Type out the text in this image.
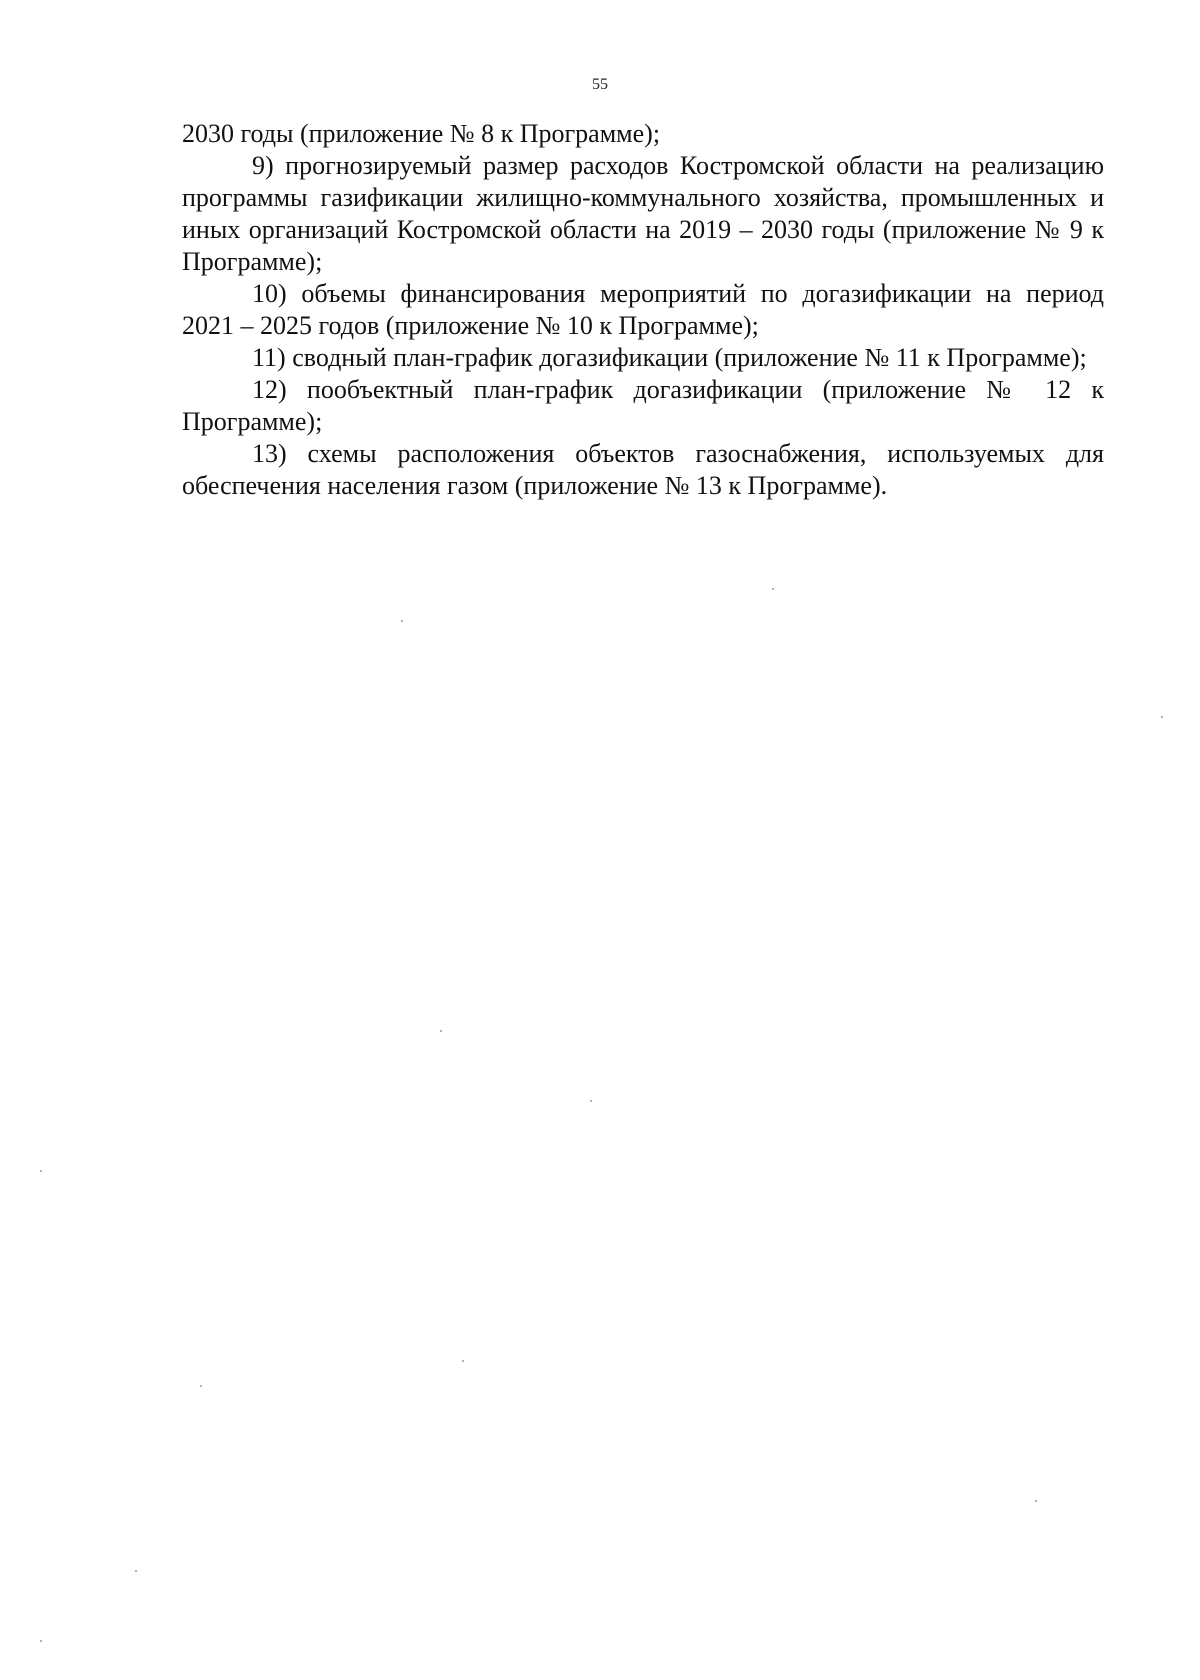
55

2030 годы (приложение № 8 к Программе);

9) прогнозируемый размер расходов Костромской области на реализацию программы газификации жилищно-коммунального хозяйства, промышленных и иных организаций Костромской области на 2019 – 2030 годы (приложение № 9 к Программе);

10) объемы финансирования мероприятий по догазификации на период 2021 – 2025 годов (приложение № 10 к Программе);

11) сводный план-график догазификации (приложение № 11 к Программе);

12) пообъектный план-график догазификации (приложение № 12 к Программе);

13) схемы расположения объектов газоснабжения, используемых для обеспечения населения газом (приложение № 13 к Программе).
